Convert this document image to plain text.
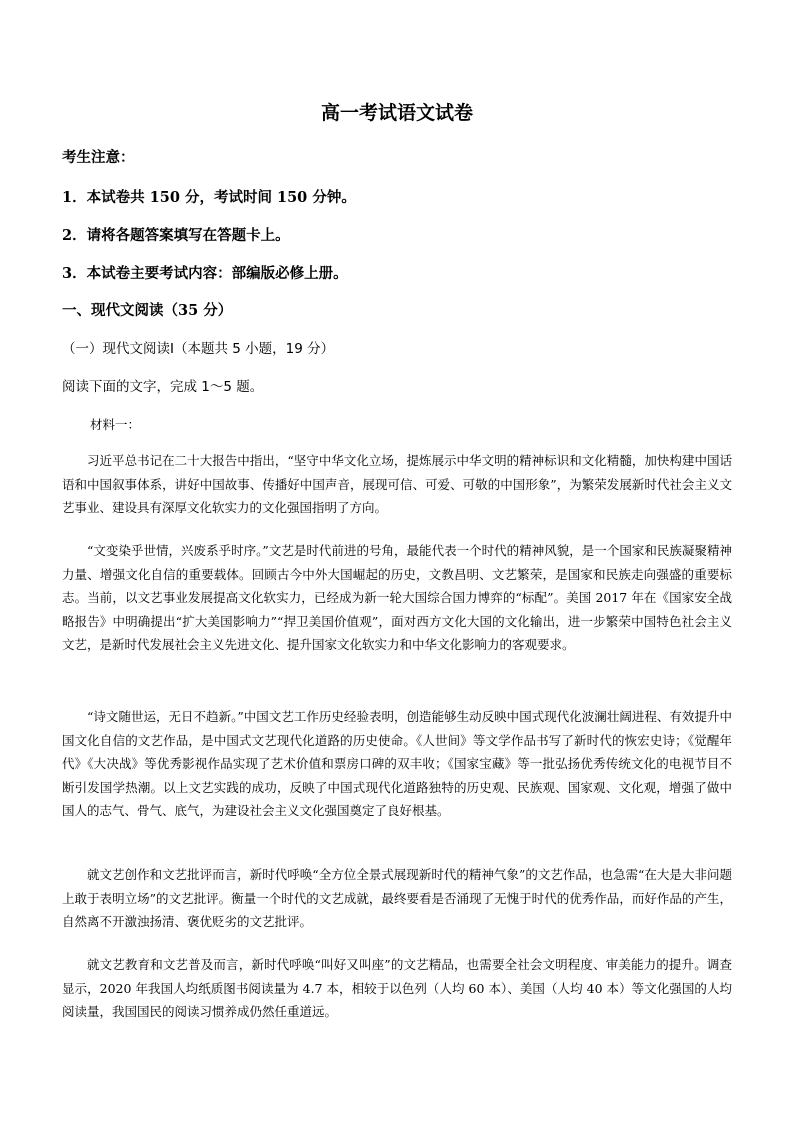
高一考试语文试卷

考生注意：

1．本试卷共 150 分，考试时间 150 分钟。

2．请将各题答案填写在答题卡上。

3．本试卷主要考试内容：部编版必修上册。

一、现代文阅读（35 分）

（一）现代文阅读Ⅰ（本题共 5 小题，19 分）

阅读下面的文字，完成 1～5 题。

材料一：

习近平总书记在二十大报告中指出，“坚守中华文化立场，提炼展示中华文明的精神标识和文化精髓，加快构建中国话语和中国叙事体系，讲好中国故事、传播好中国声音，展现可信、可爱、可敬的中国形象”，为繁荣发展新时代社会主义文艺事业、建设具有深厚文化软实力的文化强国指明了方向。

“文变染乎世情，兴废系乎时序。”文艺是时代前进的号角，最能代表一个时代的精神风貌，是一个国家和民族凝聚精神力量、增强文化自信的重要载体。回顾古今中外大国崛起的历史，文教昌明、文艺繁荣，是国家和民族走向强盛的重要标志。当前，以文艺事业发展提高文化软实力，已经成为新一轮大国综合国力博弈的“标配”。美国 2017 年在《国家安全战略报告》中明确提出“扩大美国影响力”“捍卫美国价值观”，面对西方文化大国的文化输出，进一步繁荣中国特色社会主义文艺，是新时代发展社会主义先进文化、提升国家文化软实力和中华文化影响力的客观要求。

“诗文随世运，无日不趋新。”中国文艺工作历史经验表明，创造能够生动反映中国式现代化波澜壮阔进程、有效提升中国文化自信的文艺作品，是中国式文艺现代化道路的历史使命。《人世间》等文学作品书写了新时代的恢宏史诗；《觉醒年代》《大决战》等优秀影视作品实现了艺术价值和票房口碑的双丰收；《国家宝藏》等一批弘扬优秀传统文化的电视节目不断引发国学热潮。以上文艺实践的成功，反映了中国式现代化道路独特的历史观、民族观、国家观、文化观，增强了做中国人的志气、骨气、底气，为建设社会主义文化强国奠定了良好根基。

就文艺创作和文艺批评而言，新时代呼唤“全方位全景式展现新时代的精神气象”的文艺作品，也急需“在大是大非问题上敢于表明立场”的文艺批评。衡量一个时代的文艺成就，最终要看是否涌现了无愧于时代的优秀作品，而好作品的产生，自然离不开激浊扬清、褒优贬劣的文艺批评。

就文艺教育和文艺普及而言，新时代呼唤“叫好又叫座”的文艺精品，也需要全社会文明程度、审美能力的提升。调查显示，2020 年我国人均纸质图书阅读量为 4.7 本，相较于以色列（人均 60 本）、美国（人均 40 本）等文化强国的人均阅读量，我国国民的阅读习惯养成仍然任重道远。
